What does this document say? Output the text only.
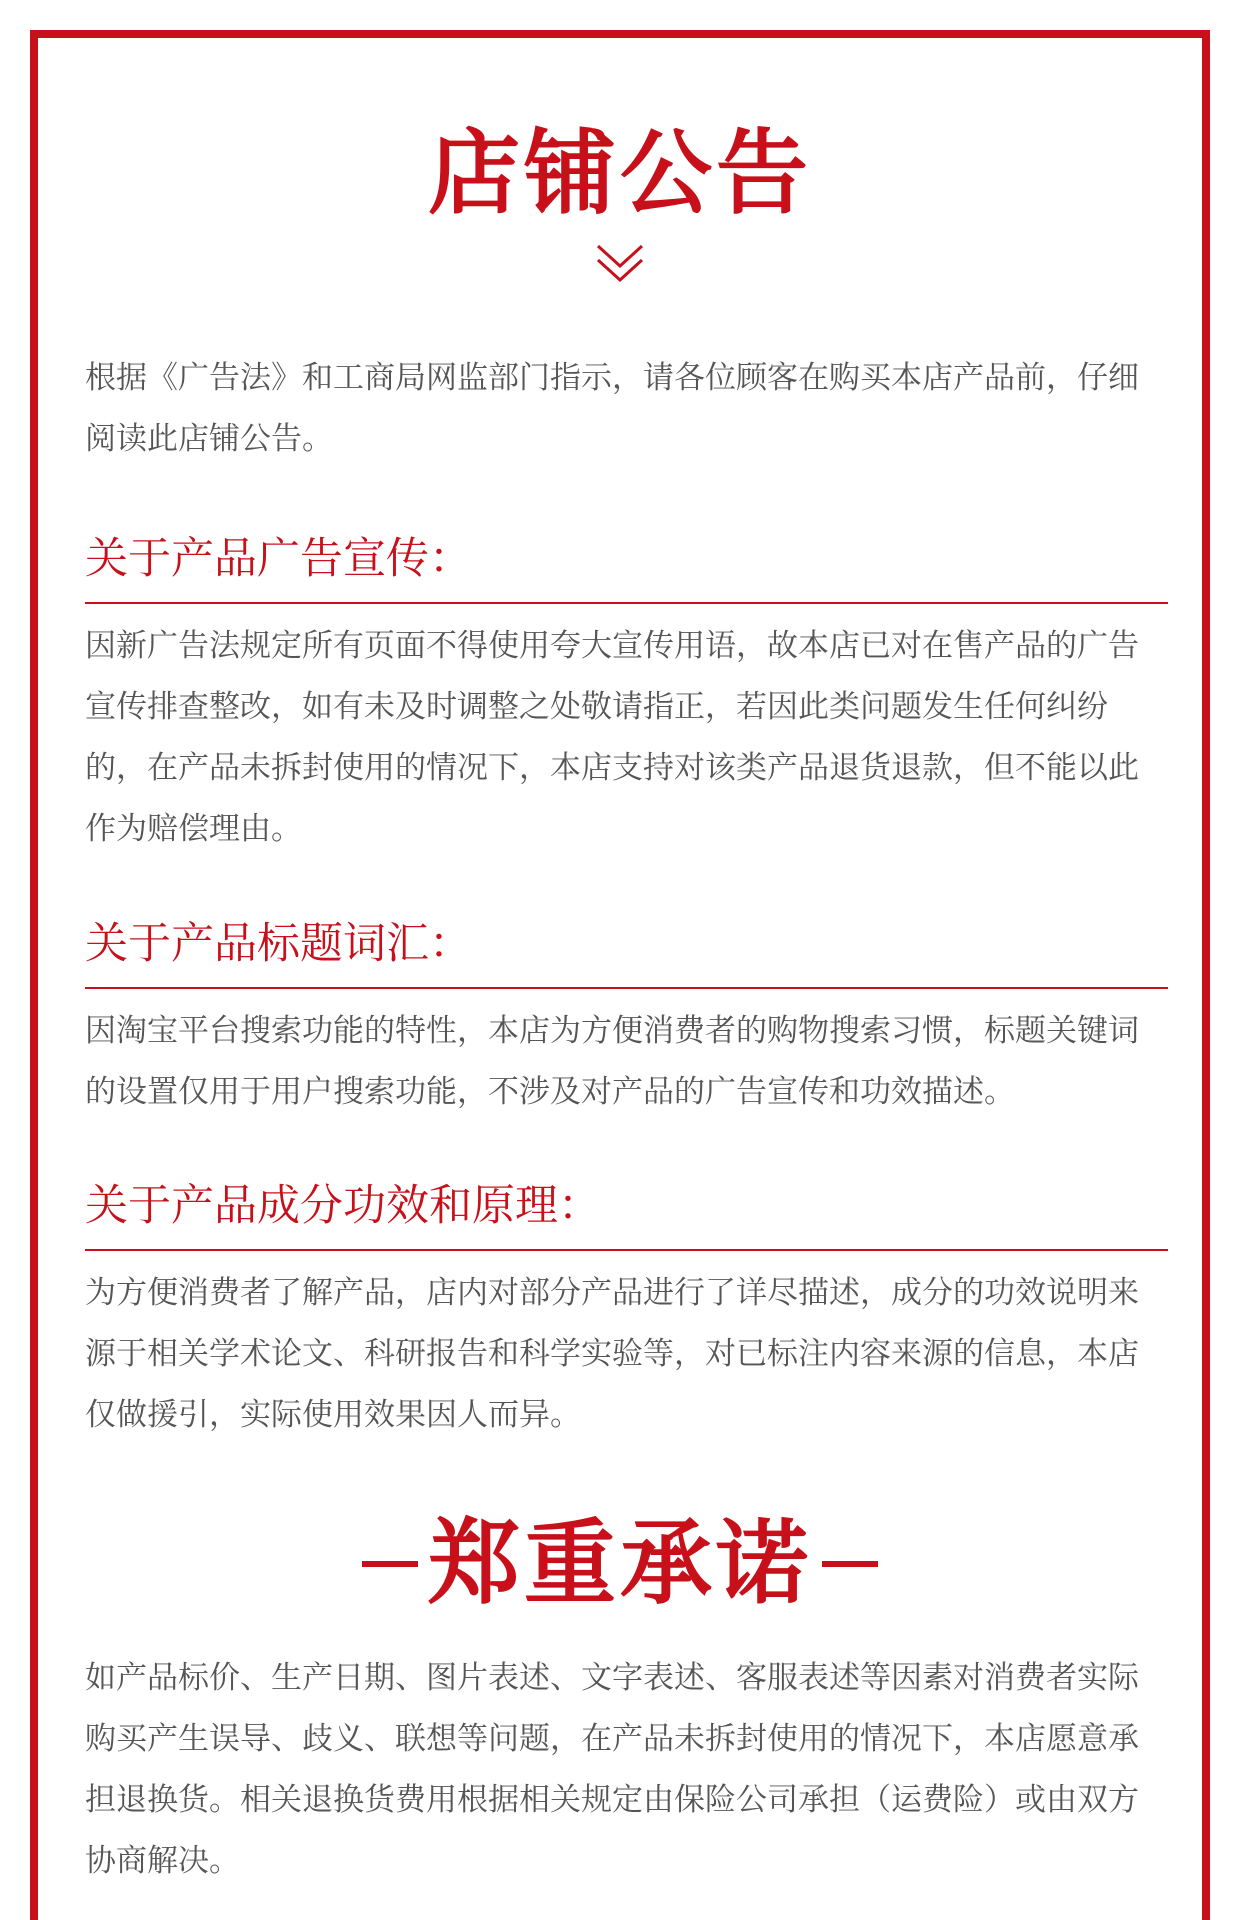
店铺公告

根据《广告法》和工商局网监部门指示，请各位顾客在购买本店产品前，仔细阅读此店铺公告。

关于产品广告宣传：

因新广告法规定所有页面不得使用夸大宣传用语，故本店已对在售产品的广告宣传排查整改，如有未及时调整之处敬请指正，若因此类问题发生任何纠纷的，在产品未拆封使用的情况下，本店支持对该类产品退货退款，但不能以此作为赔偿理由。

关于产品标题词汇：

因淘宝平台搜索功能的特性，本店为方便消费者的购物搜索习惯，标题关键词的设置仅用于用户搜索功能，不涉及对产品的广告宣传和功效描述。

关于产品成分功效和原理：

为方便消费者了解产品，店内对部分产品进行了详尽描述，成分的功效说明来源于相关学术论文、科研报告和科学实验等，对已标注内容来源的信息，本店仅做援引，实际使用效果因人而异。

郑重承诺

如产品标价、生产日期、图片表述、文字表述、客服表述等因素对消费者实际购买产生误导、歧义、联想等问题，在产品未拆封使用的情况下，本店愿意承担退换货。相关退换货费用根据相关规定由保险公司承担（运费险）或由双方协商解决。
